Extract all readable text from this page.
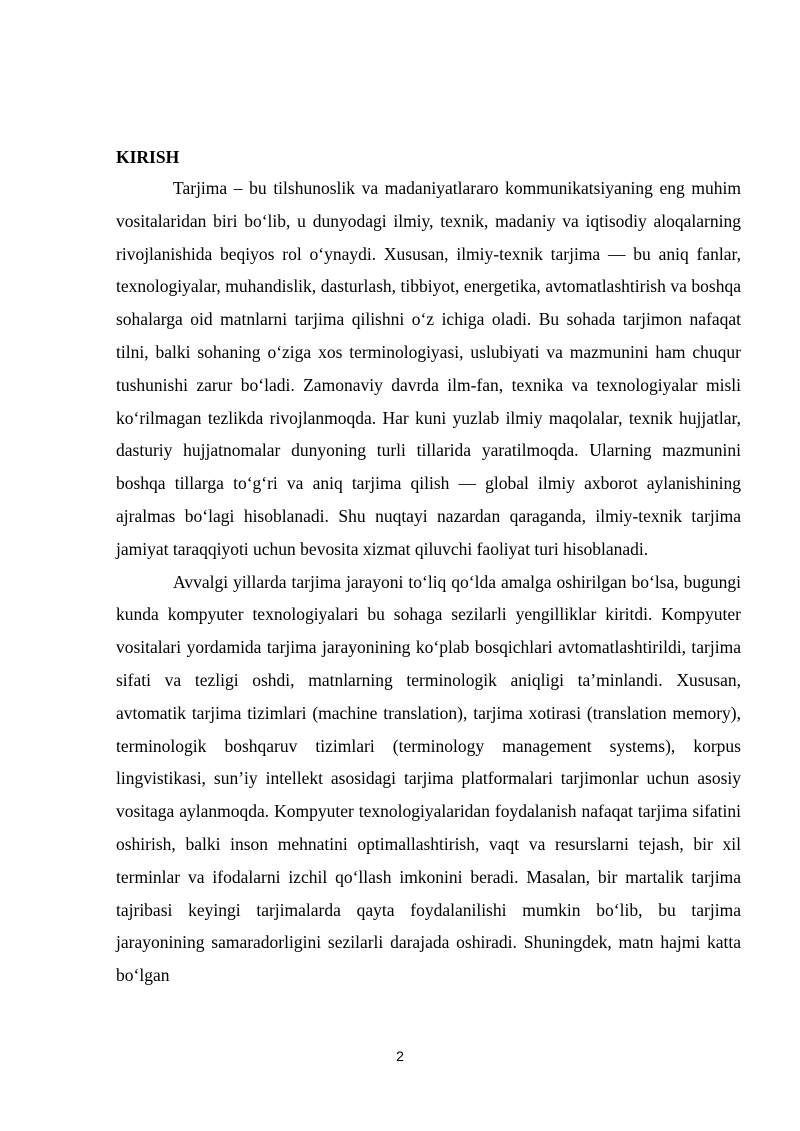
KIRISH

Tarjima – bu tilshunoslik va madaniyatlararo kommunikatsiyaning eng muhim vositalaridan biri bo‘lib, u dunyodagi ilmiy, texnik, madaniy va iqtisodiy aloqalarning rivojlanishida beqiyos rol o‘ynaydi. Xususan, ilmiy-texnik tarjima — bu aniq fanlar, texnologiyalar, muhandislik, dasturlash, tibbiyot, energetika, avtomatlashtirish va boshqa sohalarga oid matnlarni tarjima qilishni o‘z ichiga oladi. Bu sohada tarjimon nafaqat tilni, balki sohaning o‘ziga xos terminologiyasi, uslubiyati va mazmunini ham chuqur tushunishi zarur bo‘ladi. Zamonaviy davrda ilm-fan, texnika va texnologiyalar misli ko‘rilmagan tezlikda rivojlanmoqda. Har kuni yuzlab ilmiy maqolalar, texnik hujjatlar, dasturiy hujjatnomalar dunyoning turli tillarida yaratilmoqda. Ularning mazmunini boshqa tillarga to‘g‘ri va aniq tarjima qilish — global ilmiy axborot aylanishining ajralmas bo‘lagi hisoblanadi. Shu nuqtayi nazardan qaraganda, ilmiy-texnik tarjima jamiyat taraqqiyoti uchun bevosita xizmat qiluvchi faoliyat turi hisoblanadi.

Avvalgi yillarda tarjima jarayoni to‘liq qo‘lda amalga oshirilgan bo‘lsa, bugungi kunda kompyuter texnologiyalari bu sohaga sezilarli yengilliklar kiritdi. Kompyuter vositalari yordamida tarjima jarayonining ko‘plab bosqichlari avtomatlashtirildi, tarjima sifati va tezligi oshdi, matnlarning terminologik aniqligi ta’minlandi. Xususan, avtomatik tarjima tizimlari (machine translation), tarjima xotirasi (translation memory), terminologik boshqaruv tizimlari (terminology management systems), korpus lingvistikasi, sun’iy intellekt asosidagi tarjima platformalari tarjimonlar uchun asosiy vositaga aylanmoqda. Kompyuter texnologiyalaridan foydalanish nafaqat tarjima sifatini oshirish, balki inson mehnatini optimallashtirish, vaqt va resurslarni tejash, bir xil terminlar va ifodalarni izchil qo‘llash imkonini beradi. Masalan, bir martalik tarjima tajribasi keyingi tarjimalarda qayta foydalanilishi mumkin bo‘lib, bu tarjima jarayonining samaradorligini sezilarli darajada oshiradi. Shuningdek, matn hajmi katta bo‘lgan

2
